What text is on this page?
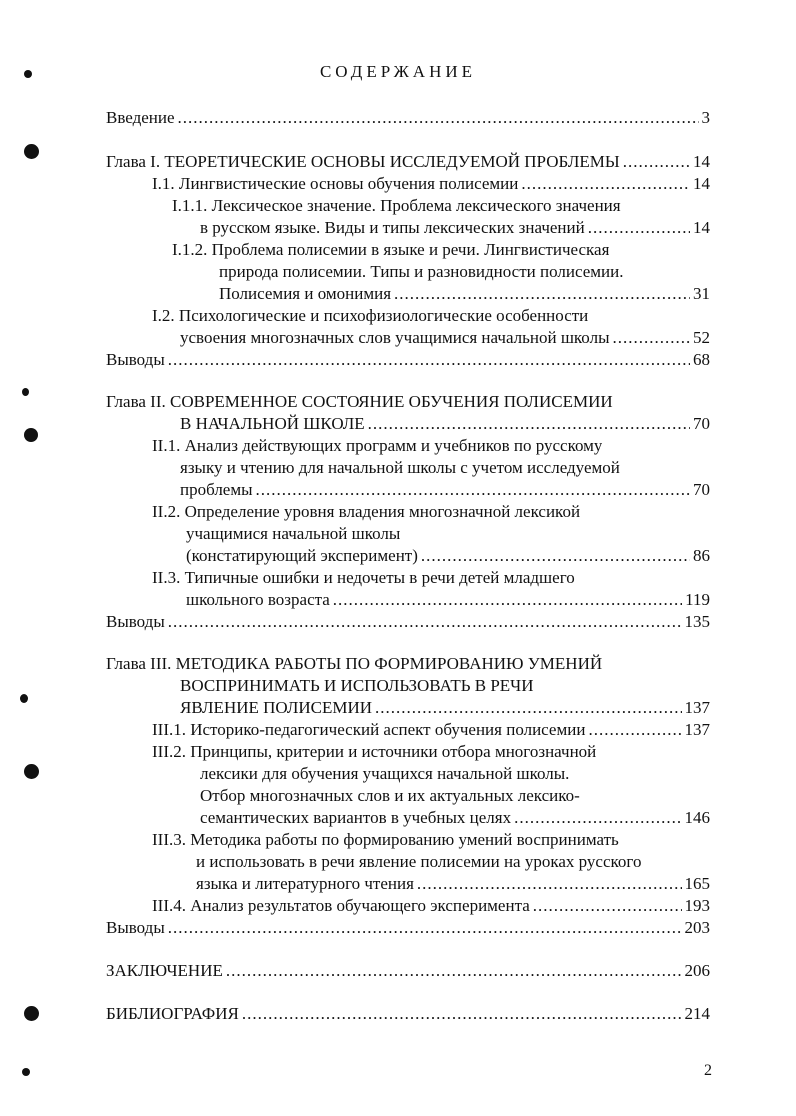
СОДЕРЖАНИЕ
Введение .....	3
Глава I. ТЕОРЕТИЧЕСКИЕ ОСНОВЫ ИССЛЕДУЕМОЙ ПРОБЛЕМЫ .....	14
I.1. Лингвистические основы обучения полисемии .....	14
I.1.1. Лексическое значение. Проблема лексического значения
в русском языке. Виды и типы лексических значений .....	14
I.1.2. Проблема полисемии в языке и речи. Лингвистическая
природа полисемии. Типы и разновидности полисемии.
Полисемия и омонимия .....	31
I.2. Психологические и психофизиологические особенности
усвоения многозначных слов учащимися начальной школы .....	52
Выводы .....	68
Глава II. СОВРЕМЕННОЕ СОСТОЯНИЕ ОБУЧЕНИЯ ПОЛИСЕМИИ
В НАЧАЛЬНОЙ ШКОЛЕ .....	70
II.1. Анализ действующих программ и учебников по русскому
языку и чтению для начальной школы с учетом исследуемой
проблемы .....	70
II.2. Определение уровня владения многозначной лексикой
учащимися начальной школы
(констатирующий эксперимент) .....	86
II.3. Типичные ошибки и недочеты в речи детей младшего
школьного возраста .....	119
Выводы .....	135
Глава III. МЕТОДИКА РАБОТЫ ПО ФОРМИРОВАНИЮ УМЕНИЙ
ВОСПРИНИМАТЬ И ИСПОЛЬЗОВАТЬ В РЕЧИ
ЯВЛЕНИЕ ПОЛИСЕМИИ .....	137
III.1. Историко-педагогический аспект обучения полисемии .....	137
III.2. Принципы, критерии и источники отбора многозначной
лексики для обучения учащихся начальной школы.
Отбор многозначных слов и их актуальных лексико-
семантических вариантов в учебных целях .....	146
III.3. Методика работы по формированию умений воспринимать
и использовать в речи явление полисемии на уроках русского
языка и литературного чтения .....	165
III.4. Анализ результатов обучающего эксперимента .....	193
Выводы .....	203
ЗАКЛЮЧЕНИЕ .....	206
БИБЛИОГРАФИЯ .....	214
2
